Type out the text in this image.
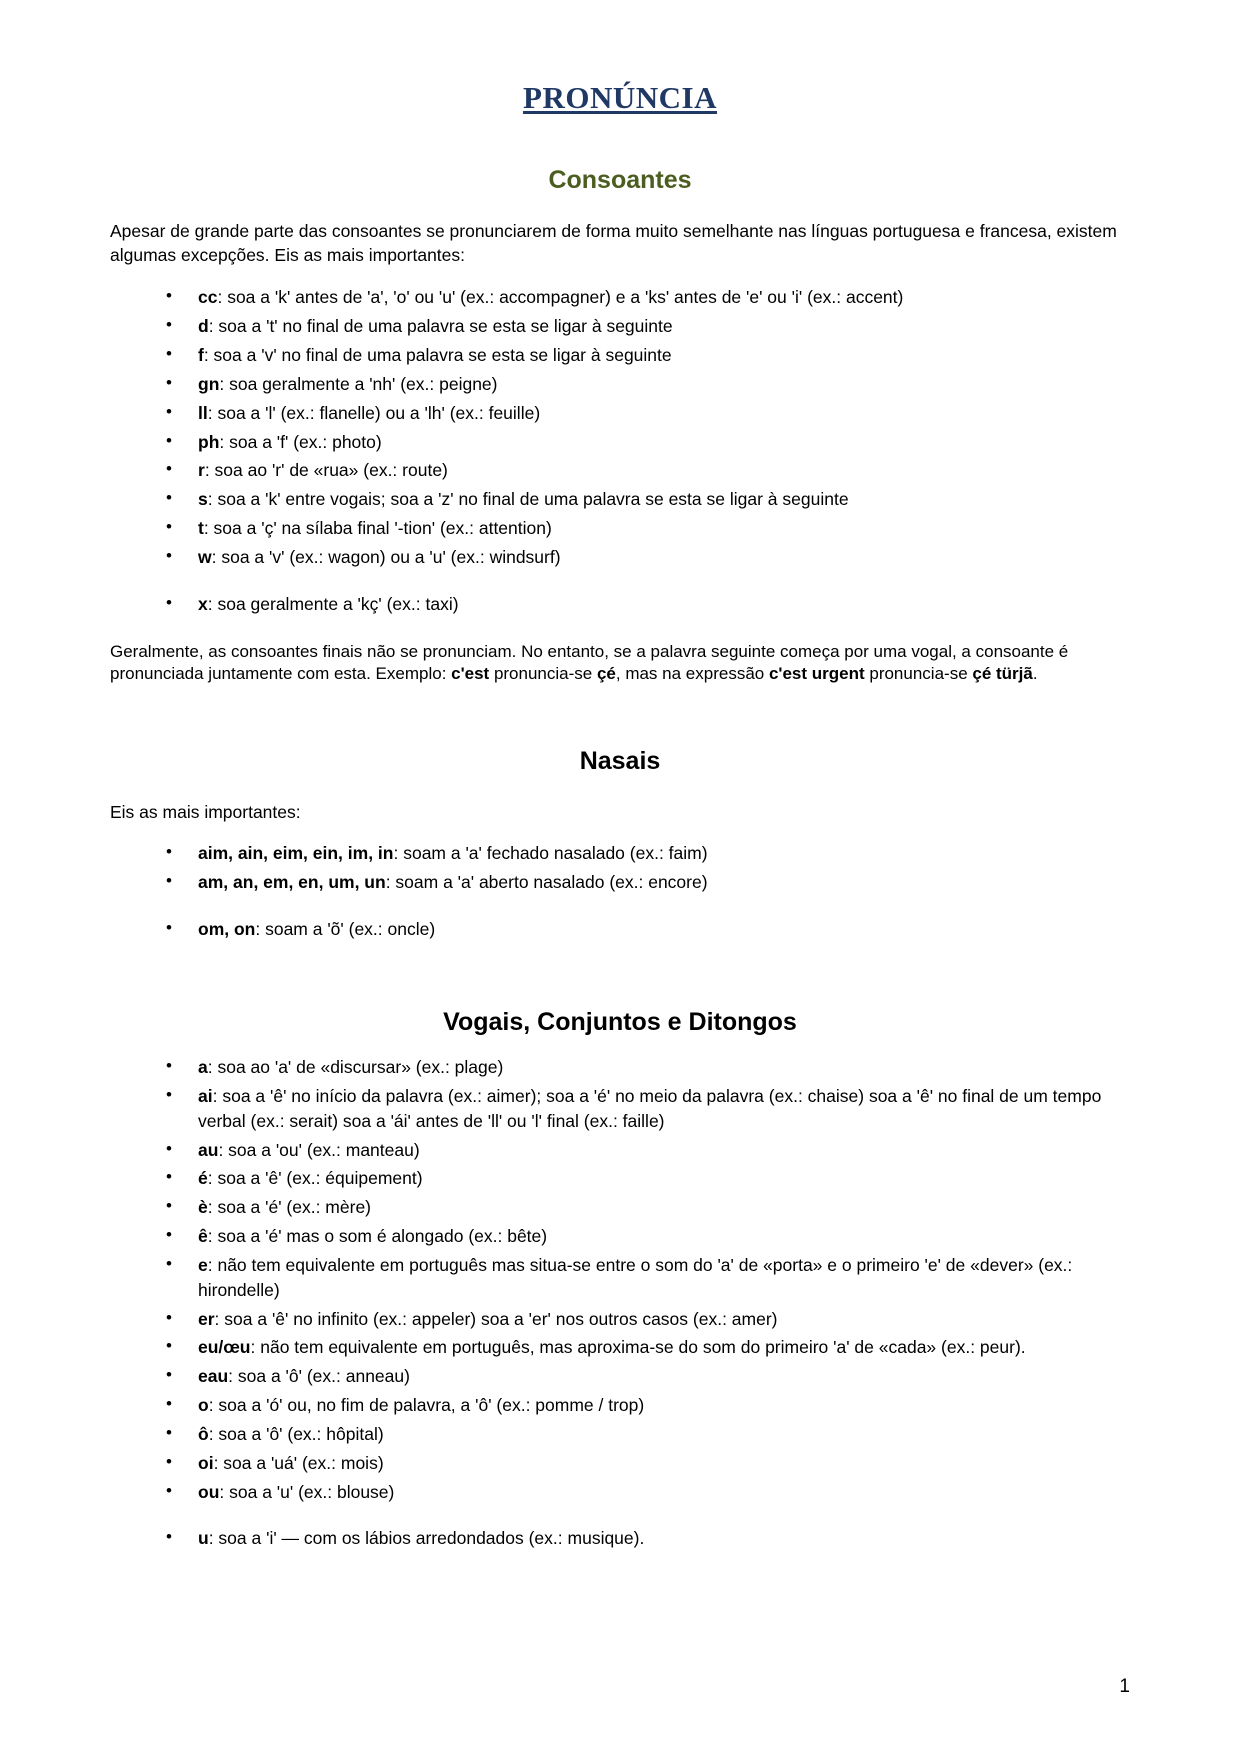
PRONÚNCIA
Consoantes

Apesar de grande parte das consoantes se pronunciarem de forma muito semelhante nas línguas portuguesa e francesa, existem algumas excepções. Eis as mais importantes:

• cc: soa a 'k' antes de 'a', 'o' ou 'u' (ex.: accompagner) e a 'ks' antes de 'e' ou 'i' (ex.: accent)
• d: soa a 't' no final de uma palavra se esta se ligar à seguinte
• f: soa a 'v' no final de uma palavra se esta se ligar à seguinte
• gn: soa geralmente a 'nh' (ex.: peigne)
• ll: soa a 'l' (ex.: flanelle) ou a 'lh' (ex.: feuille)
• ph: soa a 'f' (ex.: photo)
• r: soa ao 'r' de «rua» (ex.: route)
• s: soa a 'k' entre vogais; soa a 'z' no final de uma palavra se esta se ligar à seguinte
• t: soa a 'ç' na sílaba final '-tion' (ex.: attention)
• w: soa a 'v' (ex.: wagon) ou a 'u' (ex.: windsurf)
• x: soa geralmente a 'kç' (ex.: taxi)

Geralmente, as consoantes finais não se pronunciam. No entanto, se a palavra seguinte começa por uma vogal, a consoante é pronunciada juntamente com esta. Exemplo: c'est pronuncia-se çé, mas na expressão c'est urgent pronuncia-se çé türjã.

Nasais

Eis as mais importantes:

• aim, ain, eim, ein, im, in: soam a 'a' fechado nasalado (ex.: faim)
• am, an, em, en, um, un: soam a 'a' aberto nasalado (ex.: encore)
• om, on: soam a 'õ' (ex.: oncle)
Vogais, Conjuntos e Ditongos
• a: soa ao 'a' de «discursar» (ex.: plage)
• ai: soa a 'ê' no início da palavra (ex.: aimer); soa a 'é' no meio da palavra (ex.: chaise) soa a 'ê' no final de um tempo verbal (ex.: serait) soa a 'ái' antes de 'll' ou 'l' final (ex.: faille)
• au: soa a 'ou' (ex.: manteau)
• é: soa a 'ê' (ex.: équipement)
• è: soa a 'é' (ex.: mère)
• ê: soa a 'é' mas o som é alongado (ex.: bête)
• e: não tem equivalente em português mas situa-se entre o som do 'a' de «porta» e o primeiro 'e' de «dever» (ex.: hirondelle)
• er: soa a 'ê' no infinito (ex.: appeler) soa a 'er' nos outros casos (ex.: amer)
• eu/œu: não tem equivalente em português, mas aproxima-se do som do primeiro 'a' de «cada» (ex.: peur).
• eau: soa a 'ô' (ex.: anneau)
• o: soa a 'ó' ou, no fim de palavra, a 'ô' (ex.: pomme / trop)
• ô: soa a 'ô' (ex.: hôpital)
• oi: soa a 'uá' (ex.: mois)
• ou: soa a 'u' (ex.: blouse)
• u: soa a 'i' — com os lábios arredondados (ex.: musique).
1
